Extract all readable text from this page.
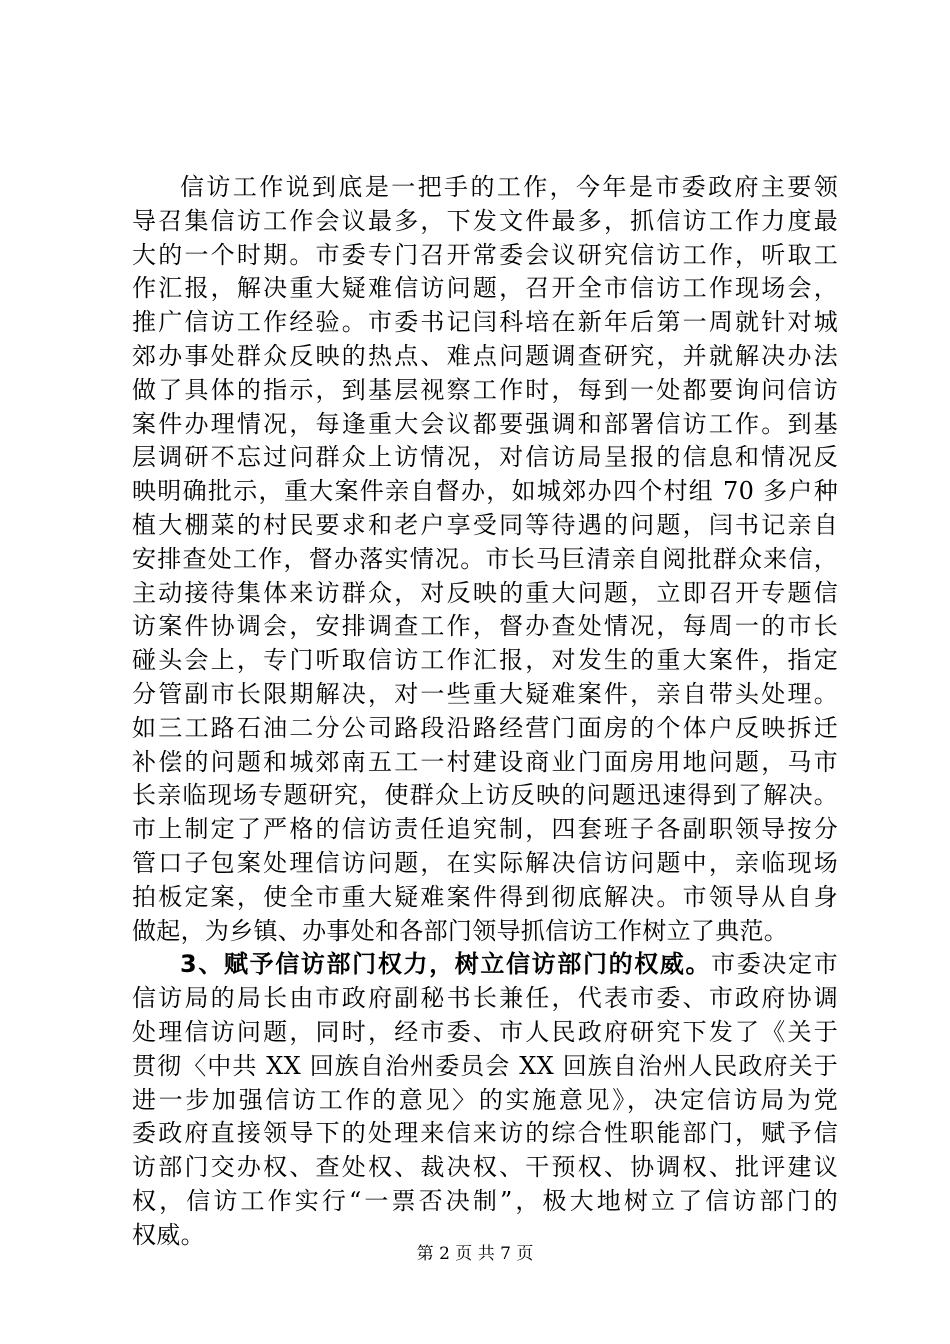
信访工作说到底是一把手的工作，今年是市委政府主要领
导召集信访工作会议最多，下发文件最多，抓信访工作力度最
大的一个时期。市委专门召开常委会议研究信访工作，听取工
作汇报，解决重大疑难信访问题，召开全市信访工作现场会，
推广信访工作经验。市委书记闫科培在新年后第一周就针对城
郊办事处群众反映的热点、难点问题调查研究，并就解决办法
做了具体的指示，到基层视察工作时，每到一处都要询问信访
案件办理情况，每逢重大会议都要强调和部署信访工作。到基
层调研不忘过问群众上访情况，对信访局呈报的信息和情况反
映明确批示，重大案件亲自督办，如城郊办四个村组 70 多户种
植大棚菜的村民要求和老户享受同等待遇的问题，闫书记亲自
安排查处工作，督办落实情况。市长马巨清亲自阅批群众来信，
主动接待集体来访群众，对反映的重大问题，立即召开专题信
访案件协调会，安排调查工作，督办查处情况，每周一的市长
碰头会上，专门听取信访工作汇报，对发生的重大案件，指定
分管副市长限期解决，对一些重大疑难案件，亲自带头处理。
如三工路石油二分公司路段沿路经营门面房的个体户反映拆迁
补偿的问题和城郊南五工一村建设商业门面房用地问题，马市
长亲临现场专题研究，使群众上访反映的问题迅速得到了解决。
市上制定了严格的信访责任追究制，四套班子各副职领导按分
管口子包案处理信访问题，在实际解决信访问题中，亲临现场
拍板定案，使全市重大疑难案件得到彻底解决。市领导从自身
做起，为乡镇、办事处和各部门领导抓信访工作树立了典范。
3、赋予信访部门权力，树立信访部门的权威。市委决定市
信访局的局长由市政府副秘书长兼任，代表市委、市政府协调
处理信访问题，同时，经市委、市人民政府研究下发了《关于
贯彻〈中共 XX 回族自治州委员会 XX 回族自治州人民政府关于
进一步加强信访工作的意见〉的实施意见》，决定信访局为党
委政府直接领导下的处理来信来访的综合性职能部门，赋予信
访部门交办权、查处权、裁决权、干预权、协调权、批评建议
权，信访工作实行“一票否决制”，极大地树立了信访部门的
权威。
第 2 页 共 7 页
